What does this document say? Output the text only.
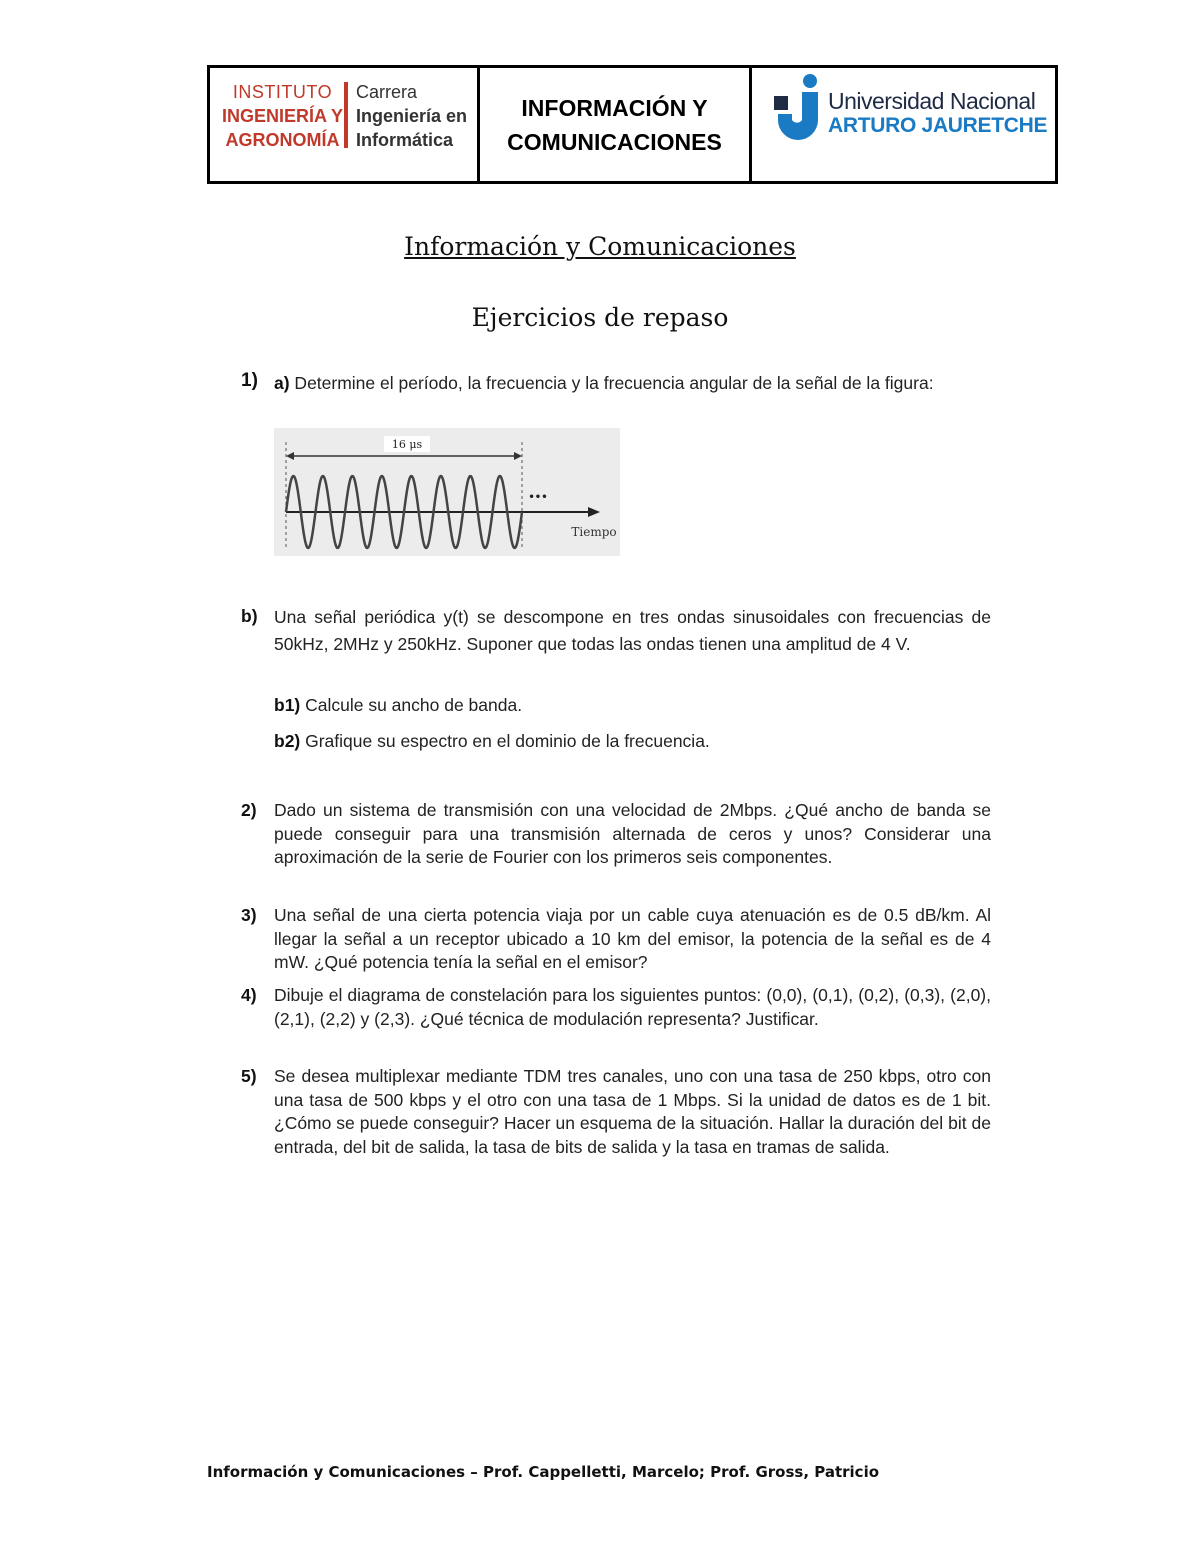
INSTITUTO
INGENIERÍA Y
AGRONOMÍA
Carrera
Ingeniería en
Informática
INFORMACIÓN Y
COMUNICACIONES
Universidad Nacional
ARTURO JAURETCHE
Información y Comunicaciones
Ejercicios de repaso
1) a) Determine el período, la frecuencia y la frecuencia angular de la señal de la figura:
16 μs
•••
Tiempo
b) Una señal periódica y(t) se descompone en tres ondas sinusoidales con frecuencias de 50kHz, 2MHz y 250kHz. Suponer que todas las ondas tienen una amplitud de 4 V.
b1) Calcule su ancho de banda.
b2) Grafique su espectro en el dominio de la frecuencia.
2) Dado un sistema de transmisión con una velocidad de 2Mbps. ¿Qué ancho de banda se puede conseguir para una transmisión alternada de ceros y unos? Considerar una aproximación de la serie de Fourier con los primeros seis componentes.
3) Una señal de una cierta potencia viaja por un cable cuya atenuación es de 0.5 dB/km. Al llegar la señal a un receptor ubicado a 10 km del emisor, la potencia de la señal es de 4 mW. ¿Qué potencia tenía la señal en el emisor?
4) Dibuje el diagrama de constelación para los siguientes puntos: (0,0), (0,1), (0,2), (0,3), (2,0), (2,1), (2,2) y (2,3). ¿Qué técnica de modulación representa? Justificar.
5) Se desea multiplexar mediante TDM tres canales, uno con una tasa de 250 kbps, otro con una tasa de 500 kbps y el otro con una tasa de 1 Mbps. Si la unidad de datos es de 1 bit. ¿Cómo se puede conseguir? Hacer un esquema de la situación. Hallar la duración del bit de entrada, del bit de salida, la tasa de bits de salida y la tasa en tramas de salida.
Información y Comunicaciones – Prof. Cappelletti, Marcelo; Prof. Gross, Patricio
